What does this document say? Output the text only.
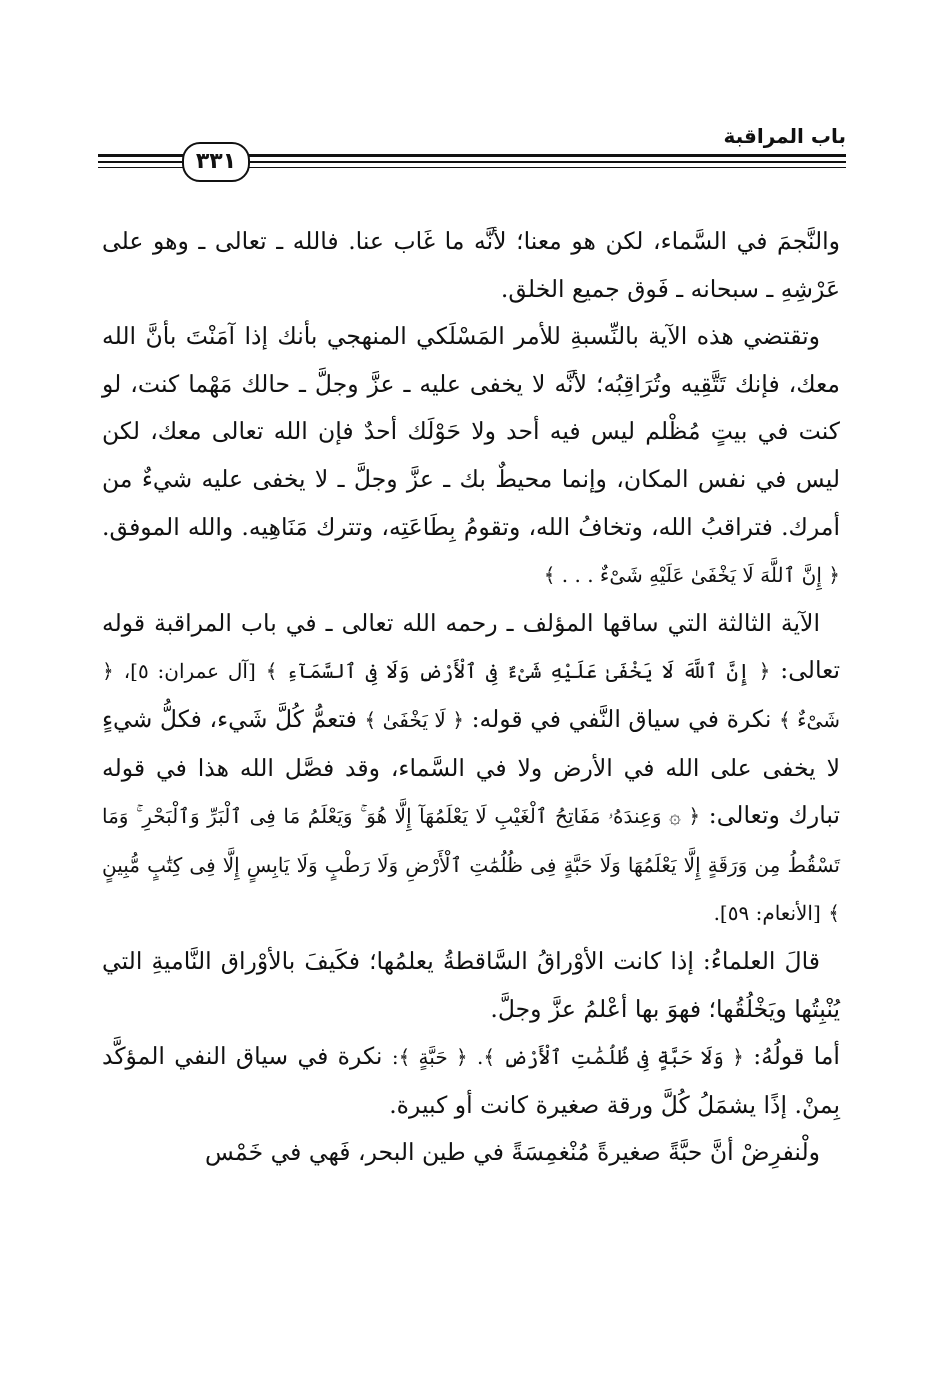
باب المراقبة
٣٣١

والنَّجمَ في السَّماء، لكن هو معنا؛ لأنَّه ما غَاب عنا. فالله ـ تعالى ـ وهو على عَرْشِهِ ـ سبحانه ـ فَوق جميع الخلق.

وتقتضي هذه الآية بالنِّسبةِ للأمر المَسْلَكي المنهجي بأنك إذا آمَنْتَ بأنَّ الله معك، فإنك تَتَّقِيه وتُرَاقِبُه؛ لأنَّه لا يخفى عليه ـ عزَّ وجلَّ ـ حالك مَهْما كنت، لو كنت في بيتٍ مُظْلم ليس فيه أحد ولا حَوْلَك أحدٌ فإن الله تعالى معك، لكن ليس في نفس المكان، وإنما محيطٌ بك ـ عزَّ وجلَّ ـ لا يخفى عليه شيءٌ من أمرك. فتراقبُ الله، وتخافُ الله، وتقومُ بِطَاعَتِه، وتترك مَنَاهِيه. والله الموفق. ﴿ إِنَّ ٱللَّهَ لَا يَخْفَىٰ عَلَيْهِ شَىْءٌ . . . ﴾

الآية الثالثة التي ساقها المؤلف ـ رحمه الله تعالى ـ في باب المراقبة قوله تعالى: ﴿ إِنَّ ٱللَّهَ لَا يَخْفَىٰ عَلَيْهِ شَىْءٌ فِى ٱلْأَرْضِ وَلَا فِى ٱلسَّمَآءِ ﴾ [آل عمران: ٥]، ﴿ شَىْءٌ ﴾ نكرة في سياق النَّفي في قوله: ﴿ لَا يَخْفَىٰ ﴾ فتعمُّ كُلَّ شَيء، فكلُّ شيءٍ لا يخفى على الله في الأرض ولا في السَّماء، وقد فصَّل الله هذا في قوله تبارك وتعالى: ﴿ ۞ وَعِندَهُۥ مَفَاتِحُ ٱلْغَيْبِ لَا يَعْلَمُهَآ إِلَّا هُوَ ۚ وَيَعْلَمُ مَا فِى ٱلْبَرِّ وَٱلْبَحْرِ ۚ وَمَا تَسْقُطُ مِن وَرَقَةٍ إِلَّا يَعْلَمُهَا وَلَا حَبَّةٍ فِى ظُلُمَٰتِ ٱلْأَرْضِ وَلَا رَطْبٍ وَلَا يَابِسٍ إِلَّا فِى كِتَٰبٍ مُّبِينٍ ﴾ [الأنعام: ٥٩].

قالَ العلماءُ: إذا كانت الأوْراقُ السَّاقطةُ يعلمُها؛ فكَيفَ بالأوْراق النَّاميةِ التي يُنْبِتُها ويَخْلُقُها؛ فهوَ بها أعْلمُ عزَّ وجلَّ.

أما قولُهُ: ﴿ وَلَا حَبَّةٍ فِى ظُلُمَٰتِ ٱلْأَرْضِ ﴾. ﴿ حَبَّةٍ ﴾: نكرة في سياق النفي المؤكَّد بِمنْ. إذًا يشمَلُ كُلَّ ورقة صغيرة كانت أو كبيرة.

ولْنفرِضْ أنَّ حبَّةً صغيرةً مُنْغمِسَةً في طين البحر، فَهي في خَمْس
